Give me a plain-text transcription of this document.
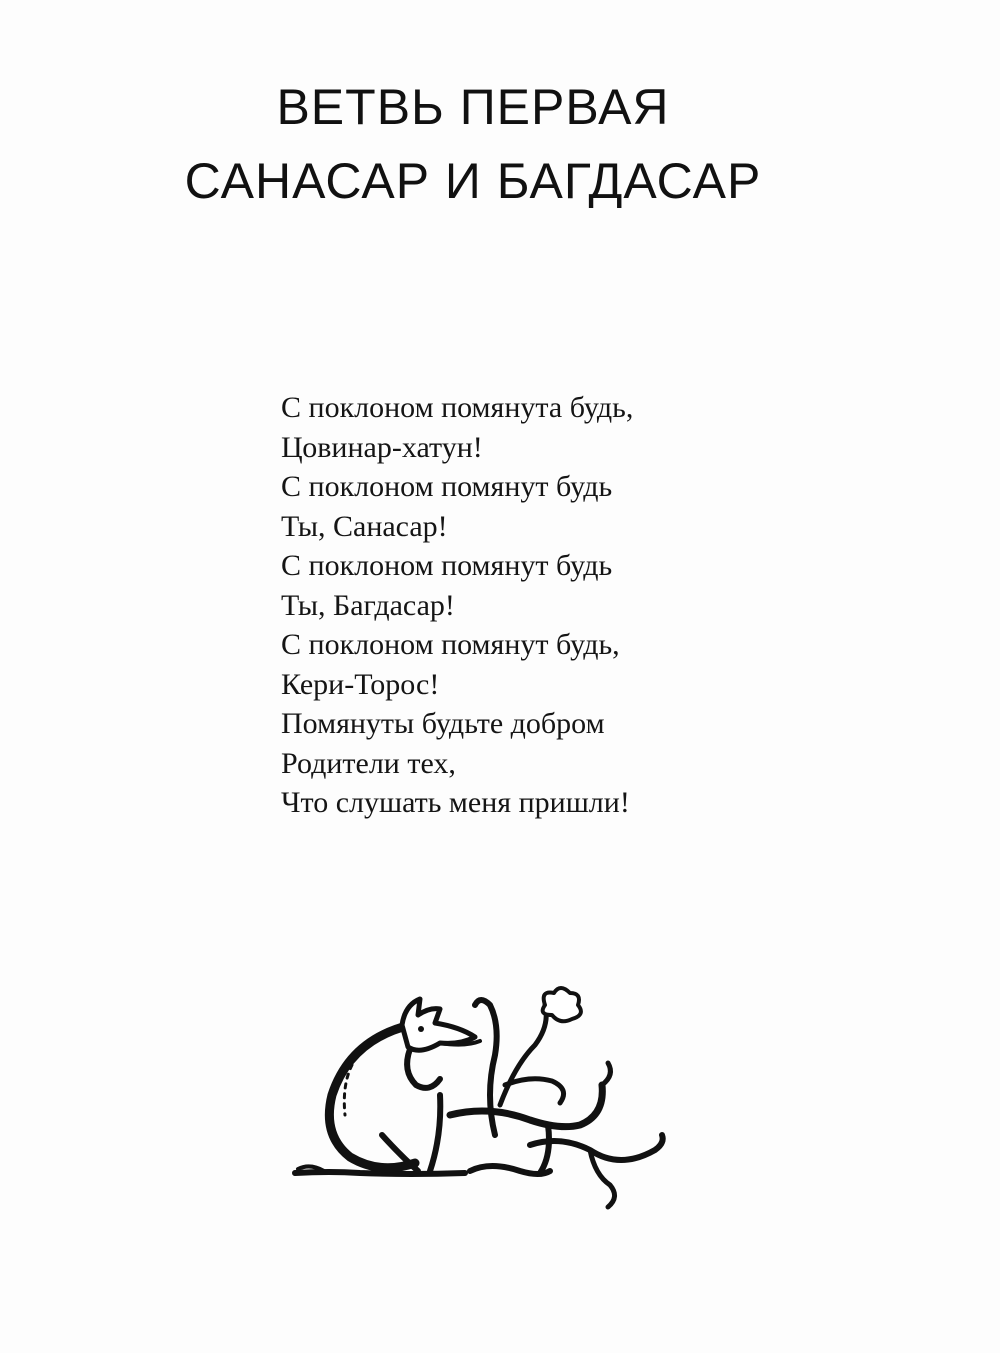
ВЕТВЬ ПЕРВАЯ
САНАСАР И БАГДАСАР
С поклоном помянута будь,
Цовинар-хатун!
С поклоном помянут будь
Ты, Санасар!
С поклоном помянут будь
Ты, Багдасар!
С поклоном помянут будь,
Кери-Торос!
Помянуты будьте добром
Родители тех,
Что слушать меня пришли!
